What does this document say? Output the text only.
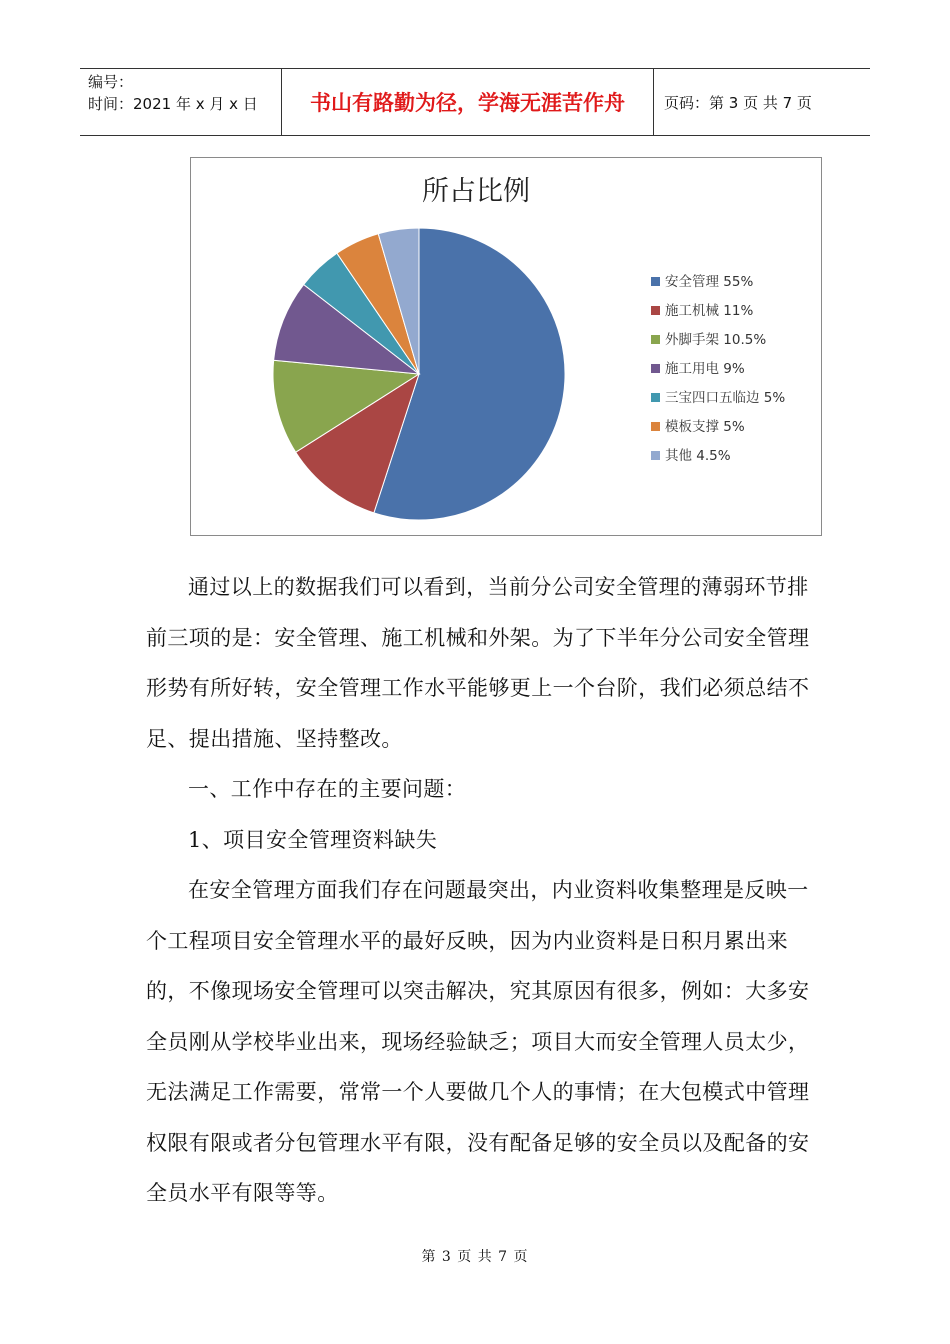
编号：
时间：2021 年 x 月 x 日	书山有路勤为径，学海无涯苦作舟	页码：第 3 页 共 7 页
所占比例
安全管理 55%
施工机械 11%
外脚手架 10.5%
施工用电 9%
三宝四口五临边 5%
模板支撑 5%
其他 4.5%

通过以上的数据我们可以看到，当前分公司安全管理的薄弱环节排前三项的是：安全管理、施工机械和外架。为了下半年分公司安全管理形势有所好转，安全管理工作水平能够更上一个台阶，我们必须总结不足、提出措施、坚持整改。

一、工作中存在的主要问题：

1、项目安全管理资料缺失

在安全管理方面我们存在问题最突出，内业资料收集整理是反映一个工程项目安全管理水平的最好反映，因为内业资料是日积月累出来的，不像现场安全管理可以突击解决，究其原因有很多，例如：大多安全员刚从学校毕业出来，现场经验缺乏；项目大而安全管理人员太少，无法满足工作需要，常常一个人要做几个人的事情；在大包模式中管理权限有限或者分包管理水平有限，没有配备足够的安全员以及配备的安全员水平有限等等。

第 3 页 共 7 页
